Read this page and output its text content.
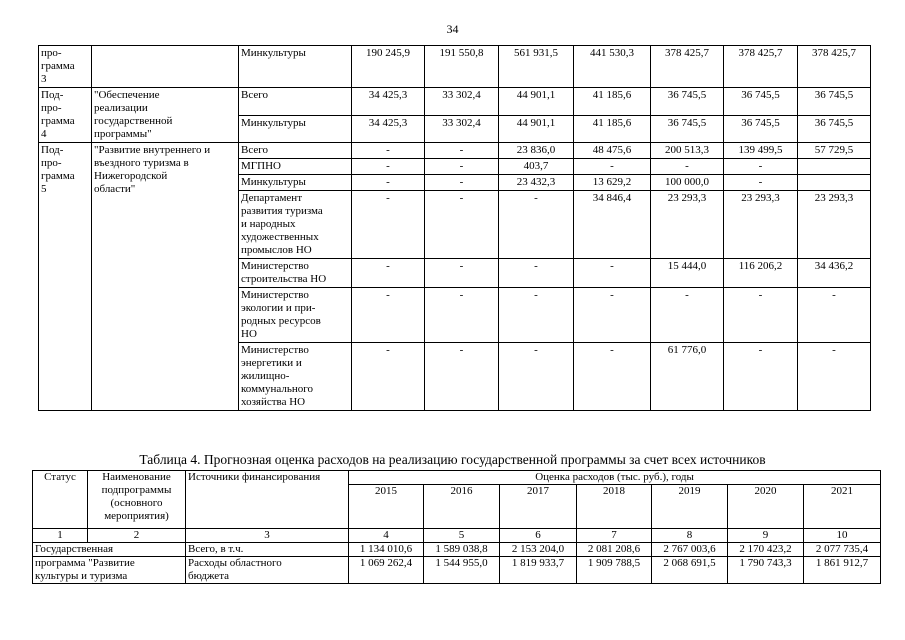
34
про-
грамма
3		Минкультуры	190 245,9	191 550,8	561 931,5	441 530,3	378 425,7	378 425,7	378 425,7
Под-
про-
грамма
4	"Обеспечение
реализации
государственной
программы"	Всего	34 425,3	33 302,4	44 901,1	41 185,6	36 745,5	36 745,5	36 745,5
		Минкультуры	34 425,3	33 302,4	44 901,1	41 185,6	36 745,5	36 745,5	36 745,5
Под-
про-
грамма
5	"Развитие внутреннего и
въездного туризма в
Нижегородской
области"	Всего	-	-	23 836,0	48 475,6	200 513,3	139 499,5	57 729,5
		МГПНО	-	-	403,7	-	-	-	
		Минкультуры	-	-	23 432,3	13 629,2	100 000,0	-	
		Департамент
развития туризма
и народных
художественных
промыслов НО	-	-	-	34 846,4	23 293,3	23 293,3	23 293,3
		Министерство
строительства НО	-	-	-	-	15 444,0	116 206,2	34 436,2
		Министерство
экологии и при-
родных ресурсов
НО	-	-	-	-	-	-	-
		Министерство
энергетики и
жилищно-
коммунального
хозяйства НО	-	-	-	-	61 776,0	-	-
Таблица 4. Прогнозная оценка расходов на реализацию государственной программы за счет всех источников
Статус	Наименование
подпрограммы
(основного
мероприятия)	Источники финансирования	Оценка расходов (тыс. руб.), годы						
			2015	2016	2017	2018	2019	2020	2021
1	2	3	4	5	6	7	8	9	10
Государственная		Всего, в т.ч.	1 134 010,6	1 589 038,8	2 153 204,0	2 081 208,6	2 767 003,6	2 170 423,2	2 077 735,4
программа "Развитие
культуры и туризма		Расходы областного
бюджета	1 069 262,4	1 544 955,0	1 819 933,7	1 909 788,5	2 068 691,5	1 790 743,3	1 861 912,7
